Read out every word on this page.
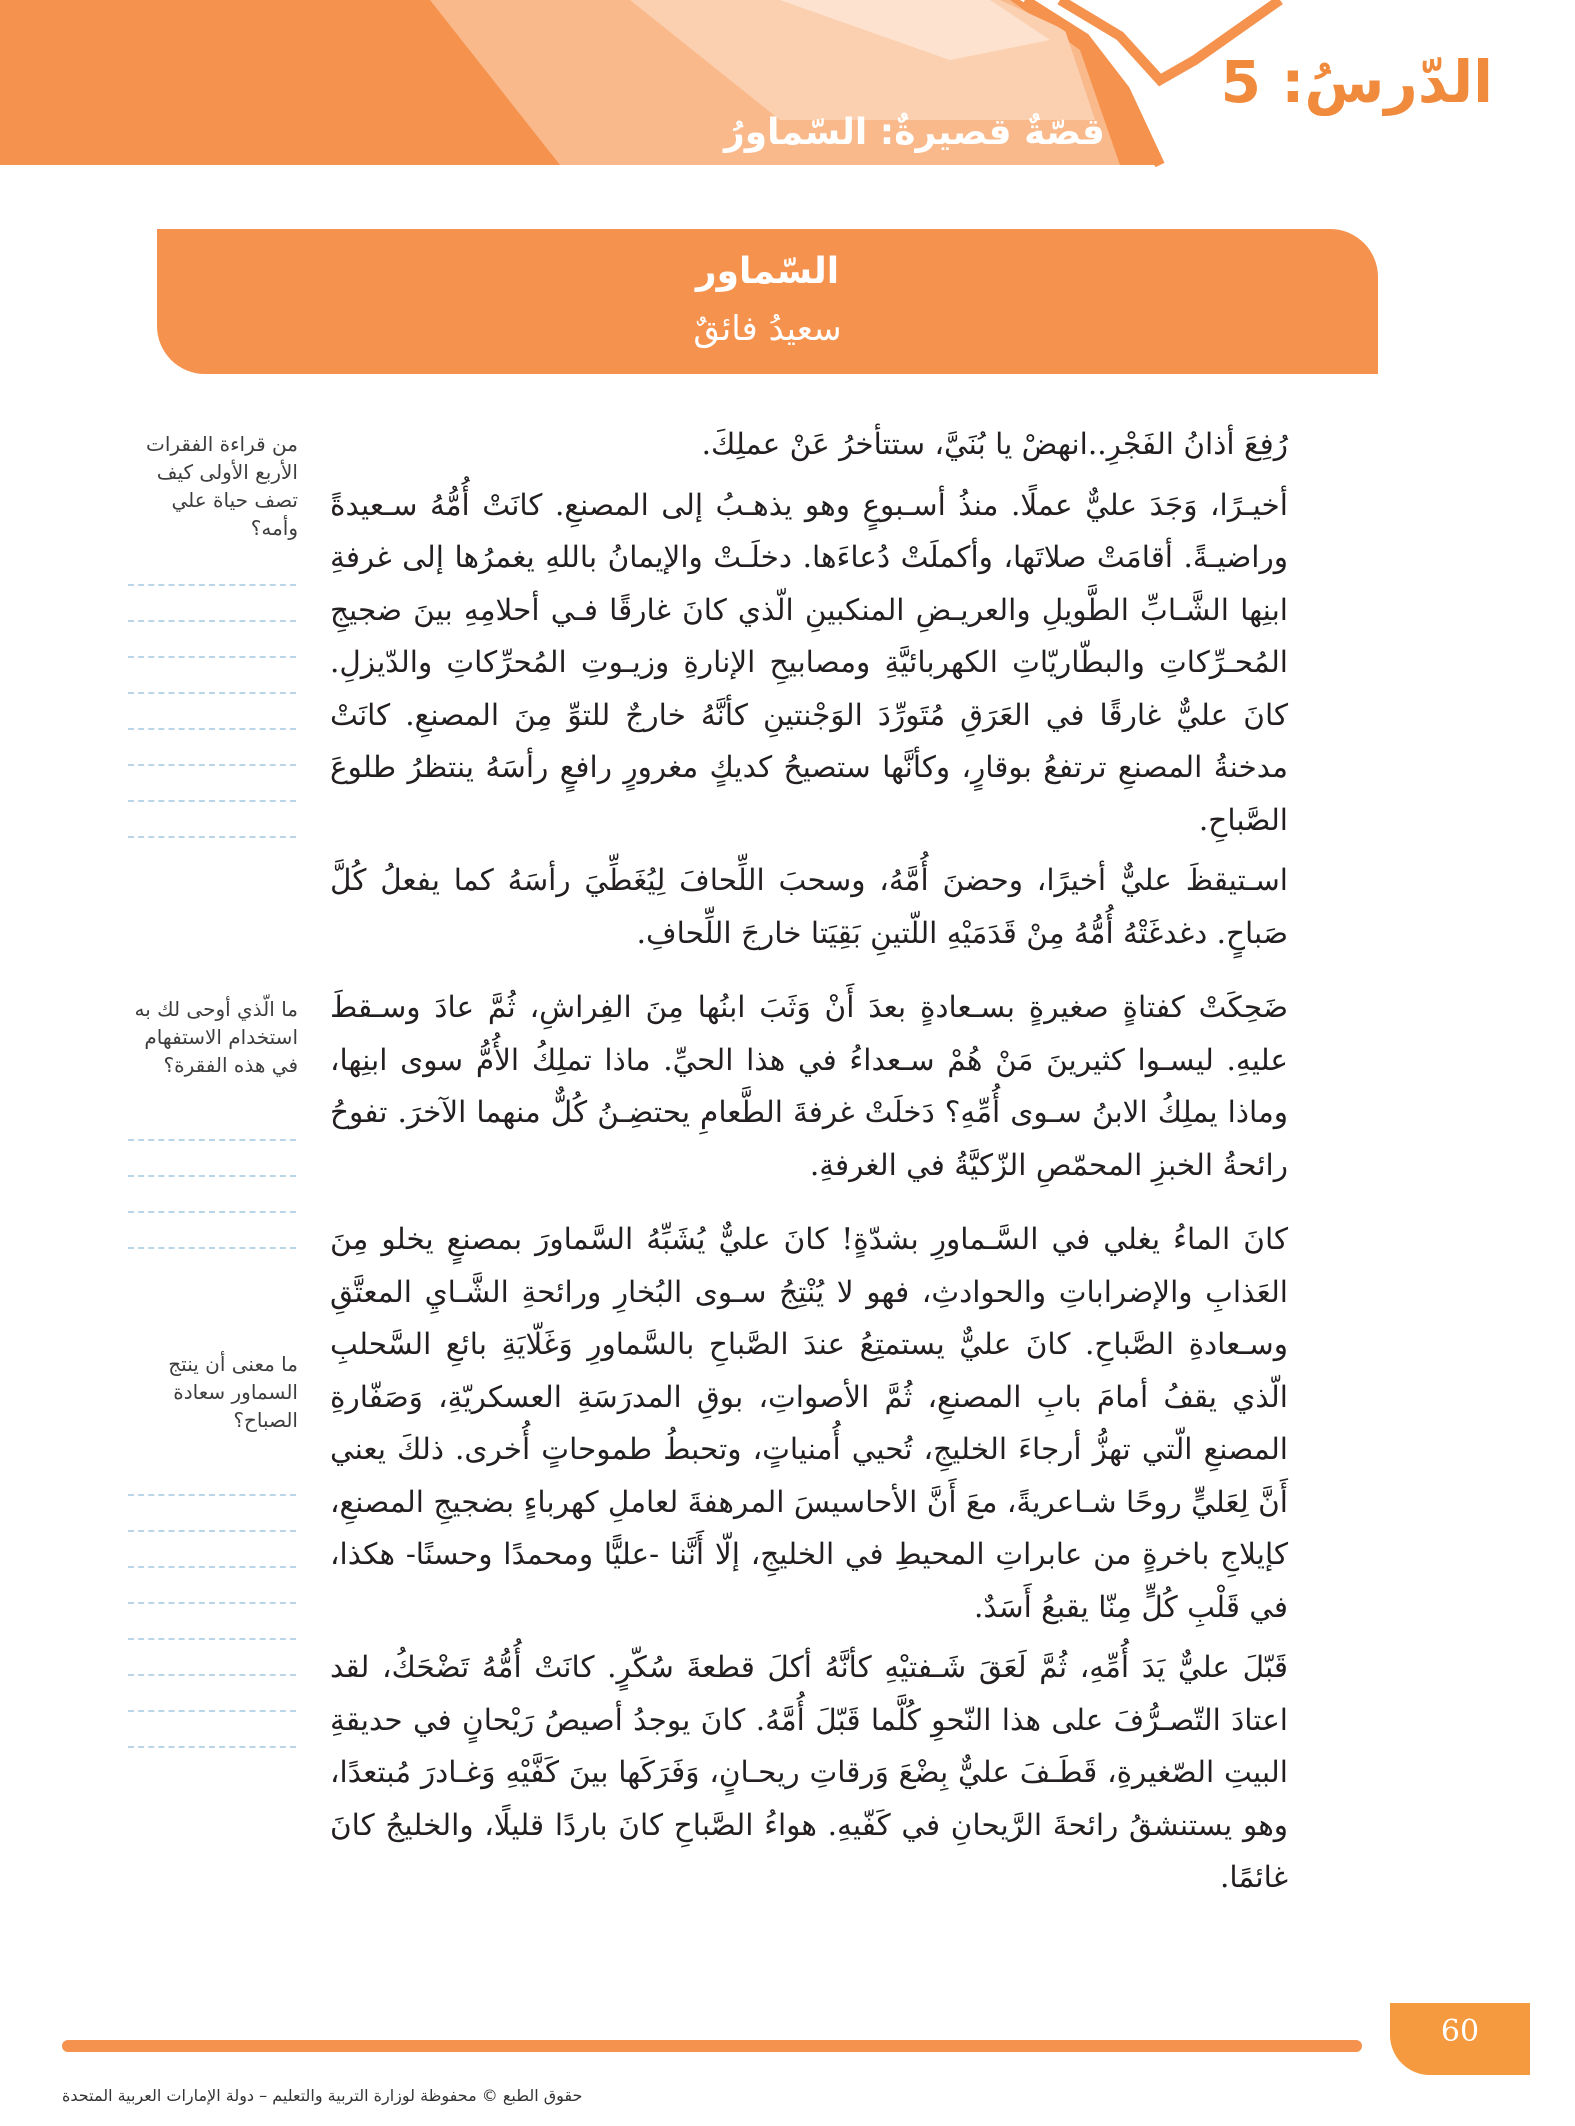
الدّرسُ: 5
قصّةٌ قصيرةٌ: السّماورُ
السّماور
سعيدُ فائقٌ

رُفِعَ أذانُ الفَجْرِ..انهضْ يا بُنَيَّ، ستتأخرُ عَنْ عملِكَ.

أخيـرًا، وَجَدَ عليٌّ عملًا. منذُ أسـبوعٍ وهو يذهـبُ إلى المصنعِ. كانَتْ أُمُّهُ سـعيدةً وراضيـةً. أقامَتْ صلاتَها، وأكملَتْ دُعاءَها. دخلَـتْ والإيمانُ باللهِ يغمرُها إلى غرفةِ ابنِها الشَّـابِّ الطَّويلِ والعريـضِ المنكبينِ الّذي كانَ غارقًا فـي أحلامِهِ بينَ ضجيجِ المُحـرِّكاتِ والبطّاريّاتِ الكهربائيَّةِ ومصابيحِ الإنارةِ وزيـوتِ المُحرِّكاتِ والدّيزلِ. كانَ عليٌّ غارقًا في العَرَقِ مُتَورِّدَ الوَجْنتينِ كأنَّهُ خارجٌ للتوِّ مِنَ المصنعِ. كانَتْ مدخنةُ المصنعِ ترتفعُ بوقارٍ، وكأنَّها ستصيحُ كديكٍ مغرورٍ رافعٍ رأسَهُ ينتظرُ طلوعَ الصَّباحِ.

اسـتيقظَ عليٌّ أخيرًا، وحضنَ أُمَّهُ، وسحبَ اللِّحافَ لِيُغَطِّيَ رأسَهُ كما يفعلُ كُلَّ صَباحٍ. دغدغَتْهُ أُمُّهُ مِنْ قَدَمَيْهِ اللّتينِ بَقِيَتا خارجَ اللِّحافِ.

ضَحِكَتْ كفتاةٍ صغيرةٍ بسـعادةٍ بعدَ أَنْ وَثَبَ ابنُها مِنَ الفِراشِ، ثُمَّ عادَ وسـقطَ عليهِ. ليسـوا كثيرينَ مَنْ هُمْ سـعداءُ في هذا الحيِّ. ماذا تملِكُ الأُمُّ سوى ابنِها، وماذا يملِكُ الابنُ سـوى أُمِّهِ؟ دَخلَتْ غرفةَ الطَّعامِ يحتضِـنُ كُلٌّ منهما الآخرَ. تفوحُ رائحةُ الخبزِ المحمّصِ الزّكيَّةُ في الغرفةِ.

كانَ الماءُ يغلي في السَّـماورِ بشدّةٍ! كانَ عليٌّ يُشَبِّهُ السَّماورَ بمصنعٍ يخلو مِنَ العَذابِ والإضراباتِ والحوادثِ، فهو لا يُنْتِجُ سـوى البُخارِ ورائحةِ الشَّـايِ المعتَّقِ وسـعادةِ الصَّباحِ. كانَ عليٌّ يستمتِعُ عندَ الصَّباحِ بالسَّماورِ وَغَلّايَةِ بائعِ السَّحلبِ الّذي يقفُ أمامَ بابِ المصنعِ، ثُمَّ الأصواتِ، بوقِ المدرَسَةِ العسكريّةِ، وَصَفّارةِ المصنعِ الّتي تهزُّ أرجاءَ الخليجِ، تُحيي أُمنياتٍ، وتحبطُ طموحاتٍ أُخرى. ذلكَ يعني أَنَّ لِعَليٍّ روحًا شـاعريةً، معَ أَنَّ الأحاسيسَ المرهفةَ لعاملِ كهرباءٍ بضجيجِ المصنعِ، كإيلاجِ باخرةٍ من عابراتِ المحيطِ في الخليجِ، إلّا أَنَّنا -عليًّا ومحمدًا وحسنًا- هكذا، في قَلْبِ كُلٍّ مِنّا يقبعُ أَسَدٌ.

قَبّلَ عليٌّ يَدَ أُمِّهِ، ثُمَّ لَعَقَ شَـفتيْهِ كأنَّهُ أكلَ قطعةَ سُكّرٍ. كانَتْ أُمُّهُ تَضْحَكُ، لقد اعتادَ التّصـرُّفَ على هذا النّحوِ كُلَّما قَبّلَ أُمَّهُ. كانَ يوجدُ أصيصُ رَيْحانٍ في حديقةِ البيتِ الصّغيرةِ، قَطَـفَ عليٌّ بِضْعَ وَرقاتِ ريحـانٍ، وَفَرَكَها بينَ كَفَّيْهِ وَغـادرَ مُبتعدًا، وهو يستنشقُ رائحةَ الرَّيحانِ في كَفّيهِ. هواءُ الصَّباحِ كانَ باردًا قليلًا، والخليجُ كانَ غائمًا.

من قراءة الفقرات الأربع الأولى كيف تصف حياة علي وأمه؟
ما الّذي أوحى لك به استخدام الاستفهام في هذه الفقرة؟
ما معنى أن ينتج السماور سعادة الصباح؟
60
حقوق الطبع © محفوظة لوزارة التربية والتعليم – دولة الإمارات العربية المتحدة
